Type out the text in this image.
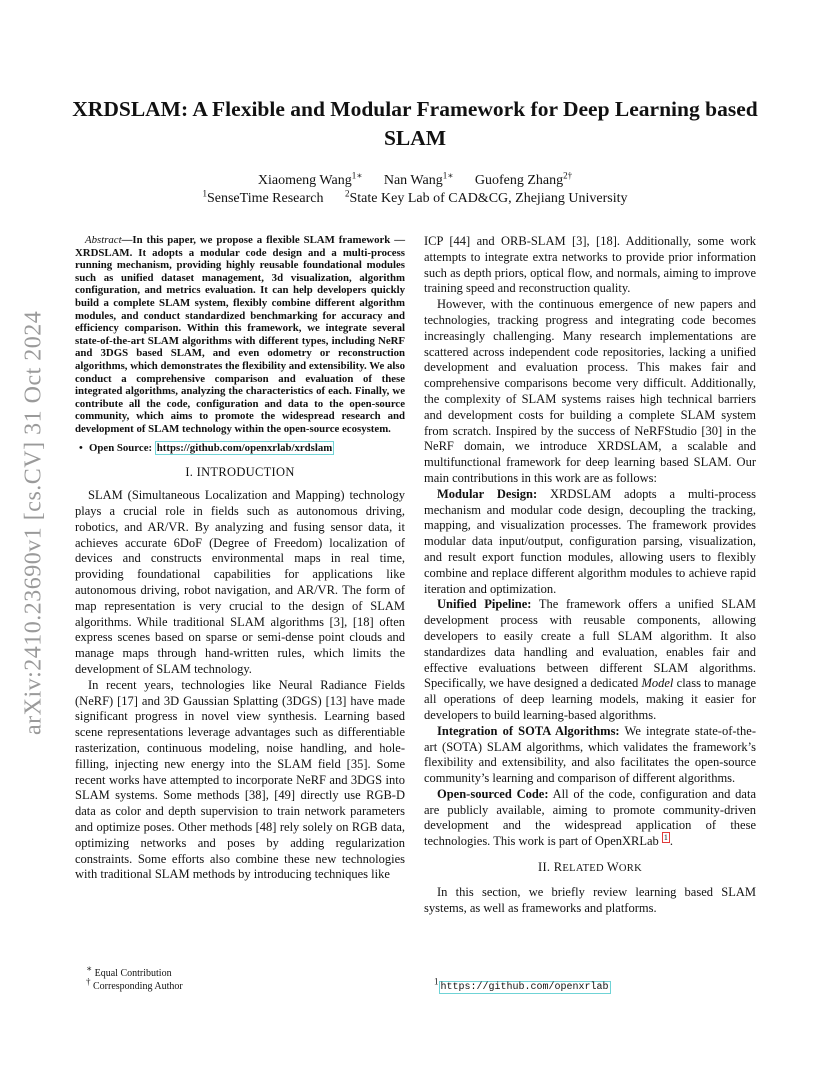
arXiv:2410.23690v1 [cs.CV] 31 Oct 2024
XRDSLAM: A Flexible and Modular Framework for Deep Learning based SLAM
Xiaomeng Wang$^{1∗}$ Nan Wang$^{1∗}$ Guofeng Zhang$^{2\dagger}$
$^1$SenseTime Research $^2$State Key Lab of CAD&CG, Zhejiang University
Abstract—In this paper, we propose a flexible SLAM framework — XRDSLAM. It adopts a modular code design and a multi-process running mechanism, providing highly reusable foundational modules such as unified dataset management, 3d visualization, algorithm configuration, and metrics evaluation. It can help developers quickly build a complete SLAM system, flexibly combine different algorithm modules, and conduct standardized benchmarking for accuracy and efficiency comparison. Within this framework, we integrate several state-of-the-art SLAM algorithms with different types, including NeRF and 3DGS based SLAM, and even odometry or reconstruction algorithms, which demonstrates the flexibility and extensibility. We also conduct a comprehensive comparison and evaluation of these integrated algorithms, analyzing the characteristics of each. Finally, we contribute all the code, configuration and data to the open-source community, which aims to promote the widespread research and development of SLAM technology within the open-source ecosystem.
• Open Source: https://github.com/openxrlab/xrdslam
I. INTRODUCTION

SLAM (Simultaneous Localization and Mapping) technology plays a crucial role in fields such as autonomous driving, robotics, and AR/VR. By analyzing and fusing sensor data, it achieves accurate 6DoF (Degree of Freedom) localization of devices and constructs environmental maps in real time, providing foundational capabilities for applications like autonomous driving, robot navigation, and AR/VR. The form of map representation is very crucial to the design of SLAM algorithms. While traditional SLAM algorithms [3], [18] often express scenes based on sparse or semi-dense point clouds and manage maps through hand-written rules, which limits the development of SLAM technology.

In recent years, technologies like Neural Radiance Fields (NeRF) [17] and 3D Gaussian Splatting (3DGS) [13] have made significant progress in novel view synthesis. Learning based scene representations leverage advantages such as differentiable rasterization, continuous modeling, noise handling, and hole-filling, injecting new energy into the SLAM field [35]. Some recent works have attempted to incorporate NeRF and 3DGS into SLAM systems. Some methods [38], [49] directly use RGB-D data as color and depth supervision to train network parameters and optimize poses. Other methods [48] rely solely on RGB data, optimizing networks and poses by adding regularization constraints. Some efforts also combine these new technologies with traditional SLAM methods by introducing techniques like

ICP [44] and ORB-SLAM [3], [18]. Additionally, some work attempts to integrate extra networks to provide prior information such as depth priors, optical flow, and normals, aiming to improve training speed and reconstruction quality.

However, with the continuous emergence of new papers and technologies, tracking progress and integrating code becomes increasingly challenging. Many research implementations are scattered across independent code repositories, lacking a unified development and evaluation process. This makes fair and comprehensive comparisons become very difficult. Additionally, the complexity of SLAM systems raises high technical barriers and development costs for building a complete SLAM system from scratch. Inspired by the success of NeRFStudio [30] in the NeRF domain, we introduce XRDSLAM, a scalable and multifunctional framework for deep learning based SLAM. Our main contributions in this work are as follows:

Modular Design: XRDSLAM adopts a multi-process mechanism and modular code design, decoupling the tracking, mapping, and visualization processes. The framework provides modular data input/output, configuration parsing, visualization, and result export function modules, allowing users to flexibly combine and replace different algorithm modules to achieve rapid iteration and optimization.

Unified Pipeline: The framework offers a unified SLAM development process with reusable components, allowing developers to easily create a full SLAM algorithm. It also standardizes data handling and evaluation, enables fair and effective evaluations between different SLAM algorithms. Specifically, we have designed a dedicated Model class to manage all operations of deep learning models, making it easier for developers to build learning-based algorithms.

Integration of SOTA Algorithms: We integrate state-of-the-art (SOTA) SLAM algorithms, which validates the framework’s flexibility and extensibility, and also facilitates the open-source community’s learning and comparison of different algorithms.

Open-sourced Code: All of the code, configuration and data are publicly available, aiming to promote community-driven development and the widespread application of these technologies. This work is part of OpenXRLab $^1$ .

II. RELATED WORK

In this section, we briefly review learning based SLAM systems, as well as frameworks and platforms.

∗ Equal Contribution
† Corresponding Author	$^1$https://github.com/openxrlab
